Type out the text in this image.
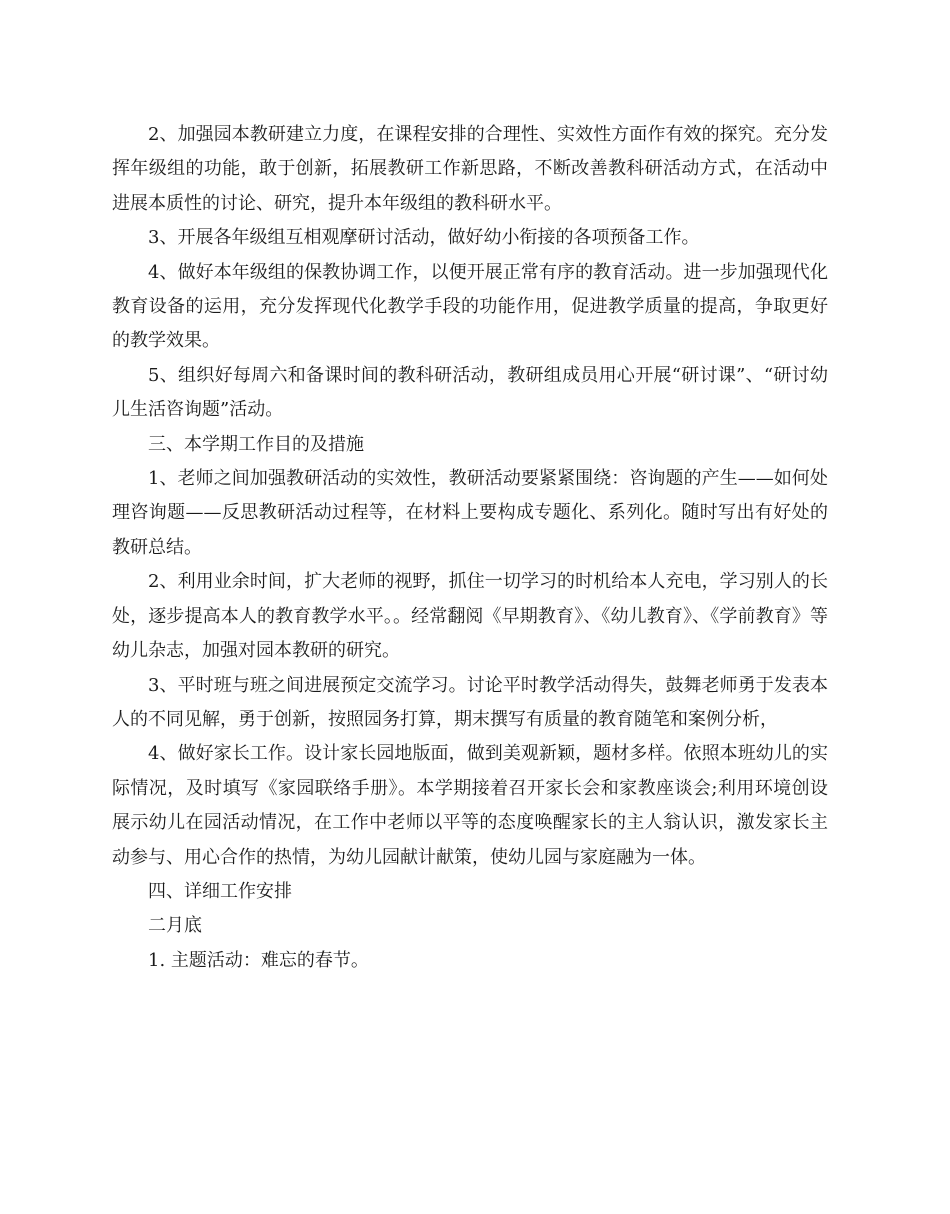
2、加强园本教研建立力度，在课程安排的合理性、实效性方面作有效的探究。充分发挥年级组的功能，敢于创新，拓展教研工作新思路，不断改善教科研活动方式，在活动中进展本质性的讨论、研究，提升本年级组的教科研水平。

3、开展各年级组互相观摩研讨活动，做好幼小衔接的各项预备工作。

4、做好本年级组的保教协调工作，以便开展正常有序的教育活动。进一步加强现代化教育设备的运用，充分发挥现代化教学手段的功能作用，促进教学质量的提高，争取更好的教学效果。

5、组织好每周六和备课时间的教科研活动，教研组成员用心开展“研讨课”、“研讨幼儿生活咨询题”活动。

三、本学期工作目的及措施

1、老师之间加强教研活动的实效性，教研活动要紧紧围绕：咨询题的产生——如何处理咨询题——反思教研活动过程等，在材料上要构成专题化、系列化。随时写出有好处的教研总结。

2、利用业余时间，扩大老师的视野，抓住一切学习的时机给本人充电，学习别人的长处，逐步提高本人的教育教学水平。。经常翻阅《早期教育》、《幼儿教育》、《学前教育》等幼儿杂志，加强对园本教研的研究。

3、平时班与班之间进展预定交流学习。讨论平时教学活动得失，鼓舞老师勇于发表本人的不同见解，勇于创新，按照园务打算，期末撰写有质量的教育随笔和案例分析，

4、做好家长工作。设计家长园地版面，做到美观新颖，题材多样。依照本班幼儿的实际情况，及时填写《家园联络手册》。本学期接着召开家长会和家教座谈会;利用环境创设展示幼儿在园活动情况，在工作中老师以平等的态度唤醒家长的主人翁认识，激发家长主动参与、用心合作的热情，为幼儿园献计献策，使幼儿园与家庭融为一体。

四、详细工作安排

二月底

1. 主题活动：难忘的春节。
